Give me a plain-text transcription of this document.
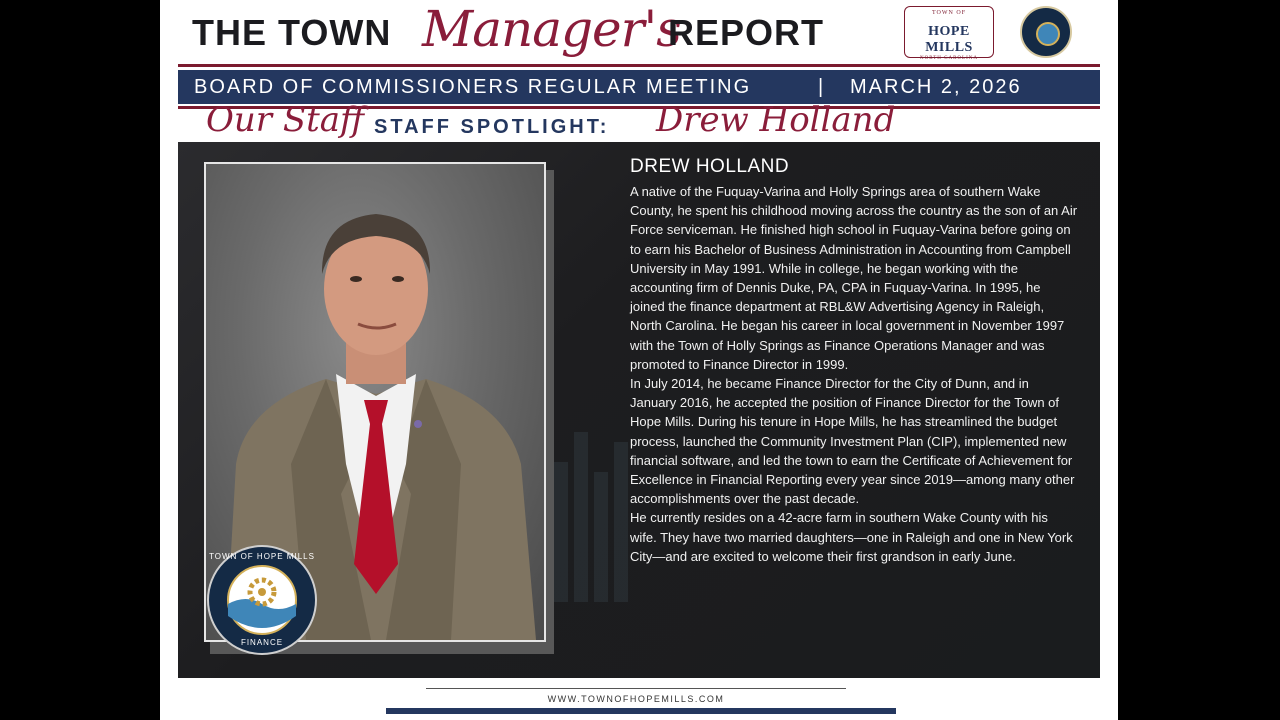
THE TOWN Manager's
REPORT	TOWN OF
HOPE MILLS
NORTH CAROLINA
BOARD OF COMMISSIONERS REGULAR MEETING	| MARCH 2, 2026
Our Staff STAFF SPOTLIGHT: Drew Holland
TOWN OF HOPE MILLS
FINANCE
DREW HOLLAND

A native of the Fuquay-Varina and Holly Springs area of southern Wake County, he spent his childhood moving across the country as the son of an Air Force serviceman. He finished high school in Fuquay-Varina before going on to earn his Bachelor of Business Administration in Accounting from Campbell University in May 1991. While in college, he began working with the accounting firm of Dennis Duke, PA, CPA in Fuquay-Varina. In 1995, he joined the finance department at RBL&W Advertising Agency in Raleigh, North Carolina. He began his career in local government in November 1997 with the Town of Holly Springs as Finance Operations Manager and was promoted to Finance Director in 1999.

In July 2014, he became Finance Director for the City of Dunn, and in January 2016, he accepted the position of Finance Director for the Town of Hope Mills. During his tenure in Hope Mills, he has streamlined the budget process, launched the Community Investment Plan (CIP), implemented new financial software, and led the town to earn the Certificate of Achievement for Excellence in Financial Reporting every year since 2019—among many other accomplishments over the past decade.

He currently resides on a 42-acre farm in southern Wake County with his wife. They have two married daughters—one in Raleigh and one in New York City—and are excited to welcome their first grandson in early June.

WWW.TOWNOFHOPEMILLS.COM
